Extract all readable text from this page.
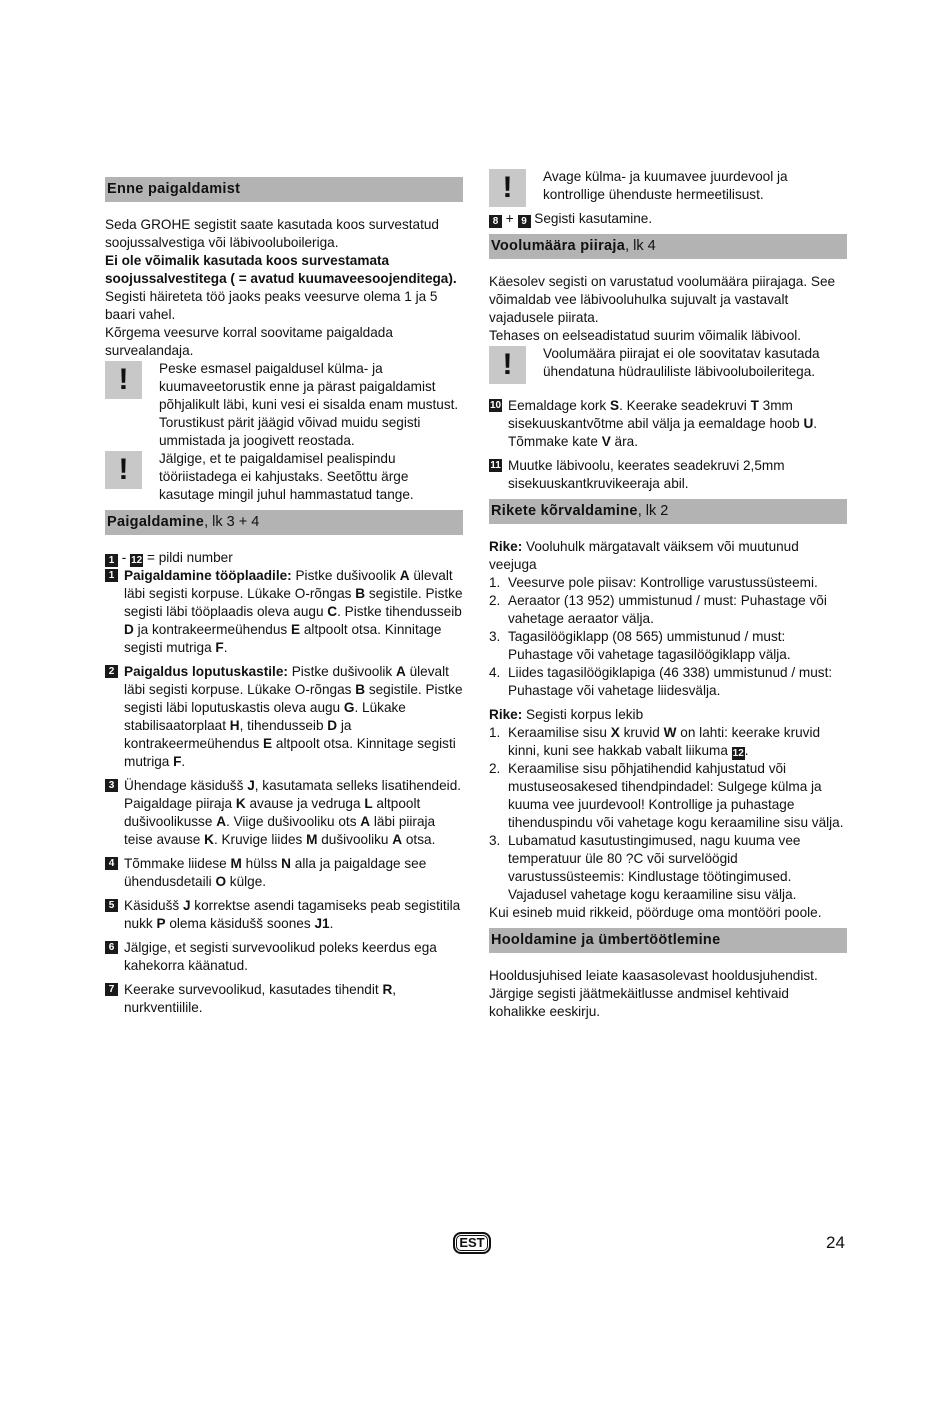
Enne paigaldamist

Seda GROHE segistit saate kasutada koos survestatud soojussalvestiga või läbivooluboileriga.

Ei ole võimalik kasutada koos survestamata soojussalvestitega ( = avatud kuumaveesoojenditega).

Segisti häireteta töö jaoks peaks veesurve olema 1 ja 5 baari vahel.

Kõrgema veesurve korral soovitame paigaldada survealandaja.

!	Peske esmasel paigaldusel külma- ja kuumaveetorustik enne ja pärast paigaldamist põhjalikult läbi, kuni vesi ei sisalda enam mustust. Torustikust pärit jäägid võivad muidu segisti ummistada ja joogivett reostada.

!	Jälgige, et te paigaldamisel pealispindu tööriistadega ei kahjustaks. Seetõttu ärge kasutage mingil juhul hammastatud tange.

Paigaldamine, lk 3 + 4

1 - 12 = pildi number

1 Paigaldamine tööplaadile: Pistke dušivoolik A ülevalt läbi segisti korpuse. Lükake O-rõngas B segistile. Pistke segisti läbi tööplaadis oleva augu C. Pistke tihendusseib D ja kontrakeermeühendus E altpoolt otsa. Kinnitage segisti mutriga F.
2 Paigaldus loputuskastile: Pistke dušivoolik A ülevalt läbi segisti korpuse. Lükake O-rõngas B segistile. Pistke segisti läbi loputuskastis oleva augu G. Lükake stabilisaatorplaat H, tihendusseib D ja kontrakeermeühendus E altpoolt otsa. Kinnitage segisti mutriga F.
3 Ühendage käsidušš J, kasutamata selleks lisatihendeid. Paigaldage piiraja K avause ja vedruga L altpoolt dušivoolikusse A. Viige dušivooliku ots A läbi piiraja teise avause K. Kruvige liides M dušivooliku A otsa.
4 Tõmmake liidese M hülss N alla ja paigaldage see ühendusdetaili O külge.
5 Käsidušš J korrektse asendi tagamiseks peab segistitila nukk P olema käsidušš soones J1.
6 Jälgige, et segisti survevoolikud poleks keerdus ega kahekorra käänatud.
7 Keerake survevoolikud, kasutades tihendit R, nurkventiilile.
!	Avage külma- ja kuumavee juurdevool ja kontrollige ühenduste hermeetilisust.

8 + 9 Segisti kasutamine.

Voolumäära piiraja, lk 4

Käesolev segisti on varustatud voolumäära piirajaga. See võimaldab vee läbivooluhulka sujuvalt ja vastavalt vajadusele piirata.

Tehases on eelseadistatud suurim võimalik läbivool.

!	Voolumäära piirajat ei ole soovitatav kasutada ühendatuna hüdrauliliste läbivooluboileritega.

10 Eemaldage kork S. Keerake seadekruvi T 3mm sisekuuskantvõtme abil välja ja eemaldage hoob U. Tõmmake kate V ära.
11 Muutke läbivoolu, keerates seadekruvi 2,5mm sisekuuskantkruvikeeraja abil.
Rikete kõrvaldamine, lk 2

Rike: Vooluhulk märgatavalt väiksem või muutunud veejuga

1. Veesurve pole piisav: Kontrollige varustussüsteemi.
2. Aeraator (13 952) ummistunud / must: Puhastage või vahetage aeraator välja.
3. Tagasilöögiklapp (08 565) ummistunud / must: Puhastage või vahetage tagasilöögiklapp välja.
4. Liides tagasilöögiklapiga (46 338) ummistunud / must: Puhastage või vahetage liidesvälja.

Rike: Segisti korpus lekib

1. Keraamilise sisu X kruvid W on lahti: keerake kruvid kinni, kuni see hakkab vabalt liikuma 12.
2. Keraamilise sisu põhjatihendid kahjustatud või mustuseosakesed tihendpindadel: Sulgege külma ja kuuma vee juurdevool! Kontrollige ja puhastage tihenduspindu või vahetage kogu keraamiline sisu välja.
3. Lubamatud kasutustingimused, nagu kuuma vee temperatuur üle 80 ?C või survelöögid varustussüsteemis: Kindlustage töötingimused. Vajadusel vahetage kogu keraamiline sisu välja.

Kui esineb muid rikkeid, pöörduge oma montööri poole.

Hooldamine ja ümbertöötlemine

Hooldusjuhised leiate kaasasolevast hooldusjuhendist. Järgige segisti jäätmekäitlusse andmisel kehtivaid kohalikke eeskirju.

EST	24
